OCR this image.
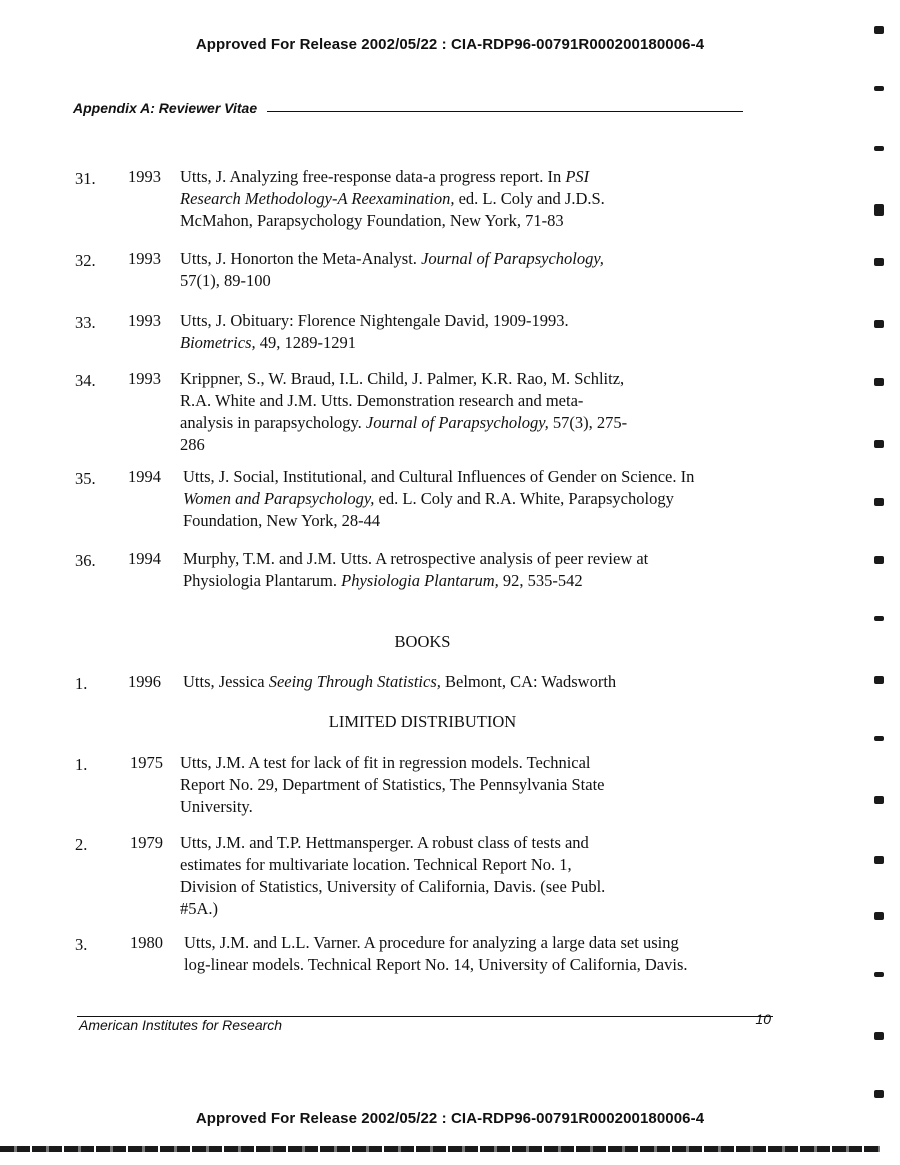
Approved For Release 2002/05/22 : CIA-RDP96-00791R000200180006-4
Appendix A: Reviewer Vitae
31. 1993 Utts, J. Analyzing free-response data-a progress report. In PSI
Research Methodology-A Reexamination, ed. L. Coly and J.D.S.
McMahon, Parapsychology Foundation, New York, 71-83
32. 1993 Utts, J. Honorton the Meta-Analyst. Journal of Parapsychology,
57(1), 89-100
33. 1993 Utts, J. Obituary: Florence Nightengale David, 1909-1993.
Biometrics, 49, 1289-1291
34. 1993 Krippner, S., W. Braud, I.L. Child, J. Palmer, K.R. Rao, M. Schlitz,
R.A. White and J.M. Utts. Demonstration research and meta-
analysis in parapsychology. Journal of Parapsychology, 57(3), 275-
286
35. 1994 Utts, J. Social, Institutional, and Cultural Influences of Gender on Science. In
Women and Parapsychology, ed. L. Coly and R.A. White, Parapsychology
Foundation, New York, 28-44
36. 1994 Murphy, T.M. and J.M. Utts. A retrospective analysis of peer review at
Physiologia Plantarum. Physiologia Plantarum, 92, 535-542
BOOKS
1. 1996 Utts, Jessica Seeing Through Statistics, Belmont, CA: Wadsworth
LIMITED DISTRIBUTION
1.	1975 Utts, J.M. A test for lack of fit in regression models. Technical
Report No. 29, Department of Statistics, The Pennsylvania State
University.
2.	1979 Utts, J.M. and T.P. Hettmansperger. A robust class of tests and
estimates for multivariate location. Technical Report No. 1,
Division of Statistics, University of California, Davis. (see Publ.
#5A.)
3.	1980 Utts, J.M. and L.L. Varner. A procedure for analyzing a large data set using
log-linear models. Technical Report No. 14, University of California, Davis.
American Institutes for Research	10
Approved For Release 2002/05/22 : CIA-RDP96-00791R000200180006-4
